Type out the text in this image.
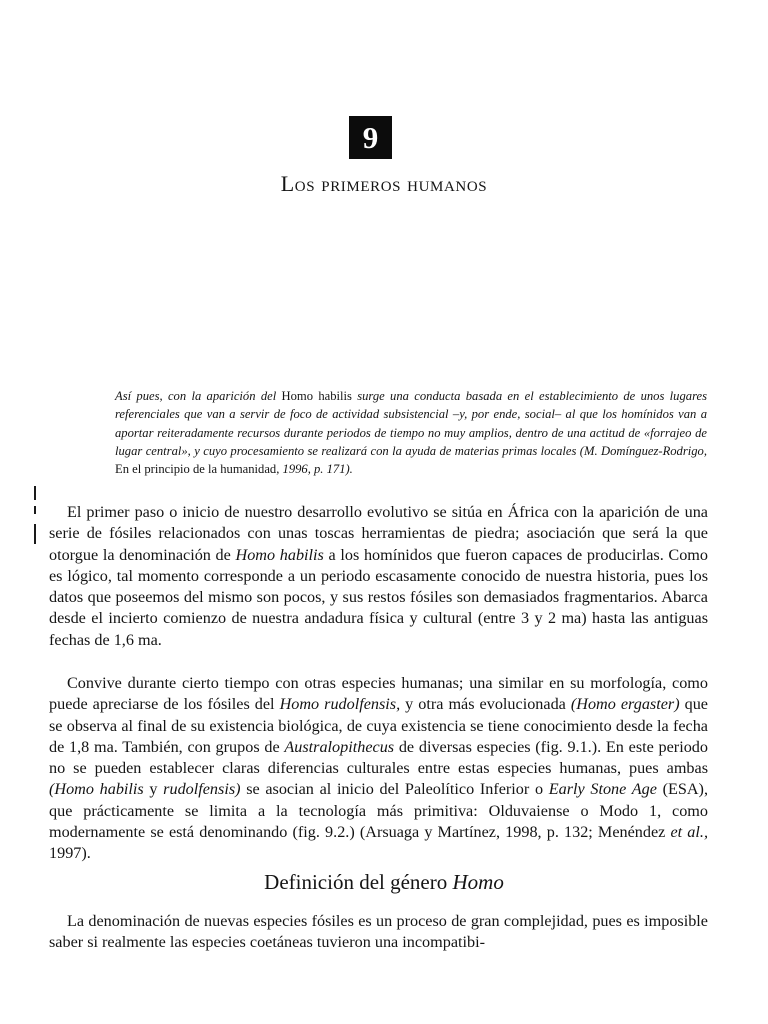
9
Los primeros humanos

Así pues, con la aparición del Homo habilis surge una conducta basada en el establecimiento de unos lugares referenciales que van a servir de foco de actividad subsistencial –y, por ende, social– al que los homínidos van a aportar reiteradamente recursos durante periodos de tiempo no muy amplios, dentro de una actitud de «forrajeo de lugar central», y cuyo procesamiento se realizará con la ayuda de materias primas locales (M. Domínguez-Rodrigo, En el principio de la humanidad, 1996, p. 171).

El primer paso o inicio de nuestro desarrollo evolutivo se sitúa en África con la aparición de una serie de fósiles relacionados con unas toscas herramientas de piedra; asociación que será la que otorgue la denominación de Homo habilis a los homínidos que fueron capaces de producirlas. Como es lógico, tal momento corresponde a un periodo escasamente conocido de nuestra historia, pues los datos que poseemos del mismo son pocos, y sus restos fósiles son demasiados fragmentarios. Abarca desde el incierto comienzo de nuestra andadura física y cultural (entre 3 y 2 ma) hasta las antiguas fechas de 1,6 ma.

Convive durante cierto tiempo con otras especies humanas; una similar en su morfología, como puede apreciarse de los fósiles del Homo rudolfensis, y otra más evolucionada (Homo ergaster) que se observa al final de su existencia biológica, de cuya existencia se tiene conocimiento desde la fecha de 1,8 ma. También, con grupos de Australopithecus de diversas especies (fig. 9.1.). En este periodo no se pueden establecer claras diferencias culturales entre estas especies humanas, pues ambas (Homo habilis y rudolfensis) se asocian al inicio del Paleolítico Inferior o Early Stone Age (ESA), que prácticamente se limita a la tecnología más primitiva: Olduvaiense o Modo 1, como modernamente se está denominando (fig. 9.2.) (Arsuaga y Martínez, 1998, p. 132; Menéndez et al., 1997).

Definición del género Homo

La denominación de nuevas especies fósiles es un proceso de gran complejidad, pues es imposible saber si realmente las especies coetáneas tuvieron una incompatibi-
